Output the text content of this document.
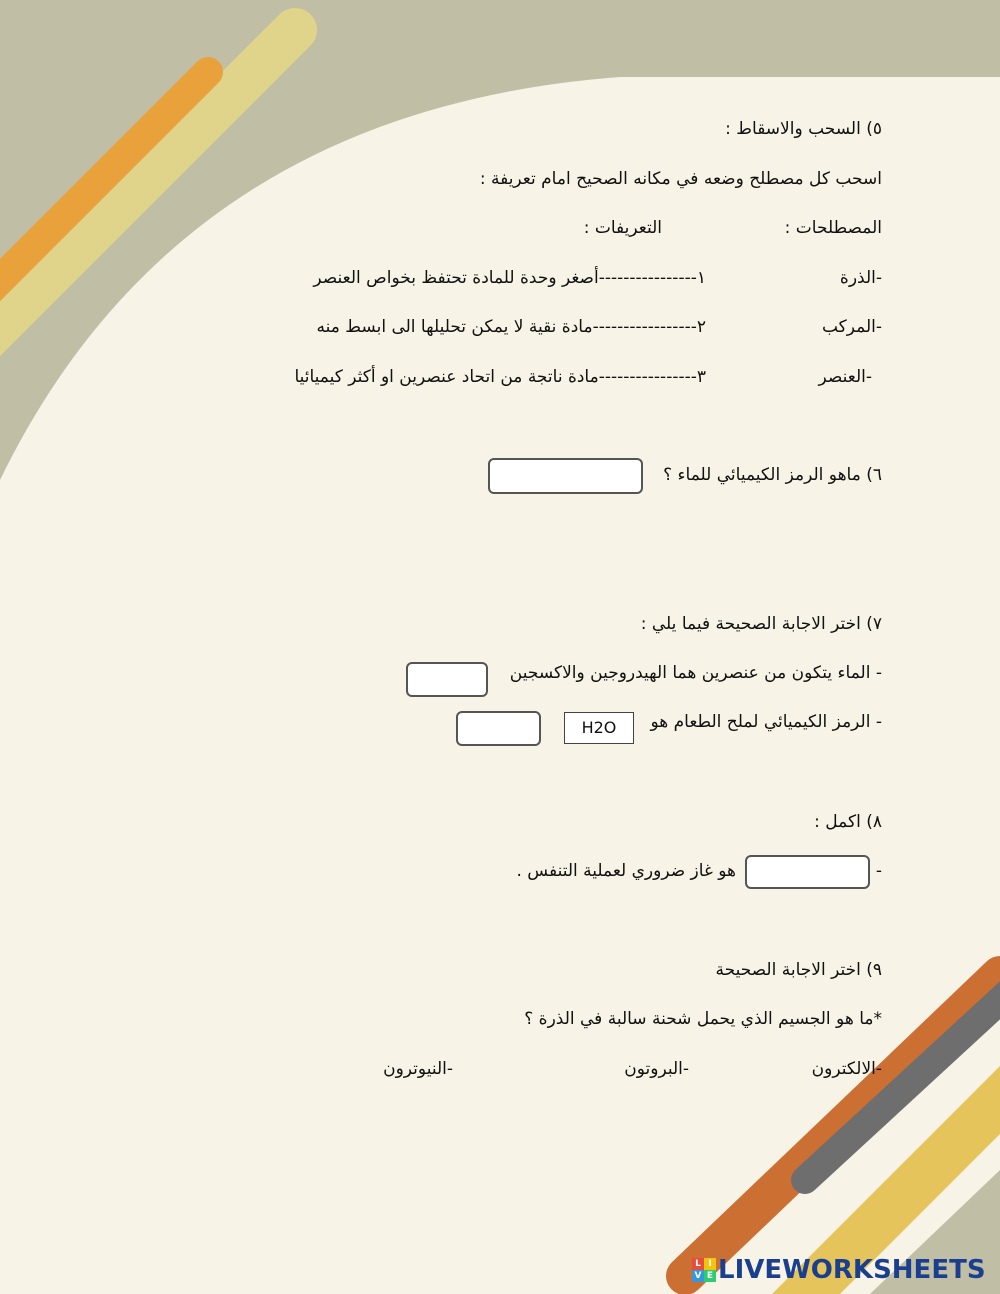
٥) السحب والاسقاط :
اسحب كل مصطلح وضعه في مكانه الصحيح امام تعريفة :
المصطلحات :
التعريفات :
-الذرة
١----------------أصغر وحدة للمادة تحتفظ بخواص العنصر
-المركب
٢-----------------مادة نقية لا يمكن تحليلها الى ابسط منه
-العنصر
٣----------------مادة ناتجة من اتحاد عنصرين او أكثر كيميائيا
٦) ماهو الرمز الكيميائي للماء ؟
٧) اختر الاجابة الصحيحة فيما يلي :
- الماء يتكون من عنصرين هما الهيدروجين والاكسجين
- الرمز الكيميائي لملح الطعام هو
H2O
٨) اكمل :
-
هو غاز ضروري لعملية التنفس .
٩) اختر الاجابة الصحيحة
*ما هو الجسيم الذي يحمل شحنة سالبة في الذرة ؟
-الالكترون
-البروتون
-النيوترون
L I
V E LIVEWORKSHEETS
